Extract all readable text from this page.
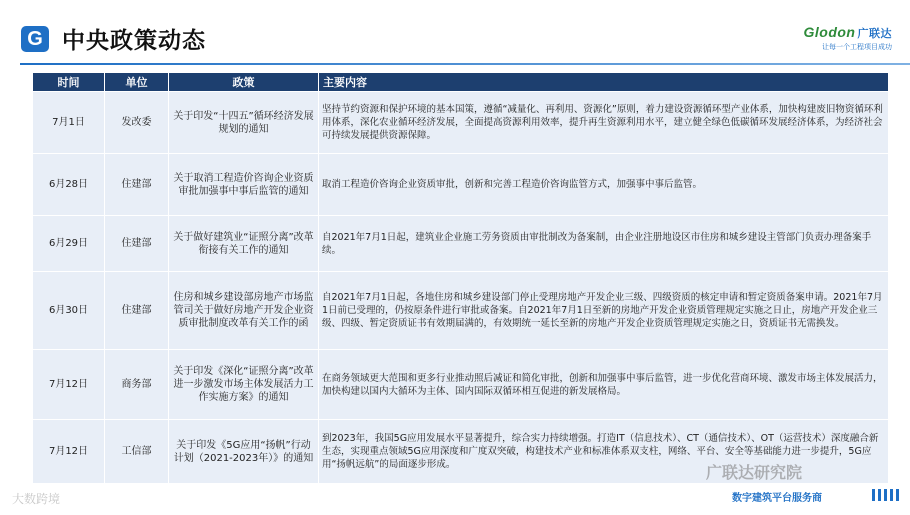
G 中央政策动态	Glodon 广联达
让每一个工程项目成功
时间	单位	政策	主要内容
7月1日	发改委	关于印发“十四五”循环经济发展规划的通知	坚持节约资源和保护环境的基本国策，遵循“减量化、再利用、资源化”原则，着力建设资源循环型产业体系，加快构建废旧物资循环利用体系，深化农业循环经济发展，全面提高资源利用效率，提升再生资源利用水平，建立健全绿色低碳循环发展经济体系，为经济社会可持续发展提供资源保障。
6月28日	住建部	关于取消工程造价咨询企业资质审批加强事中事后监管的通知	取消工程造价咨询企业资质审批，创新和完善工程造价咨询监管方式，加强事中事后监管。
6月29日	住建部	关于做好建筑业“证照分离”改革衔接有关工作的通知	自2021年7月1日起，建筑业企业施工劳务资质由审批制改为备案制，由企业注册地设区市住房和城乡建设主管部门负责办理备案手续。
6月30日	住建部	住房和城乡建设部房地产市场监管司关于做好房地产开发企业资质审批制度改革有关工作的函	自2021年7月1日起，各地住房和城乡建设部门停止受理房地产开发企业三级、四级资质的核定申请和暂定资质备案申请。2021年7月1日前已受理的，仍按原条件进行审批或备案。自2021年7月1日至新的房地产开发企业资质管理规定实施之日止，房地产开发企业三级、四级、暂定资质证书有效期届满的，有效期统一延长至新的房地产开发企业资质管理规定实施之日，资质证书无需换发。
7月12日	商务部	关于印发《深化“证照分离”改革进一步激发市场主体发展活力工作实施方案》的通知	在商务领域更大范围和更多行业推动照后减证和简化审批，创新和加强事中事后监管，进一步优化营商环境、激发市场主体发展活力，加快构建以国内大循环为主体、国内国际双循环相互促进的新发展格局。
7月12日	工信部	关于印发《5G应用“扬帆”行动计划（2021-2023年）》的通知	到2023年，我国5G应用发展水平显著提升，综合实力持续增强。打造IT（信息技术）、CT（通信技术）、OT（运营技术）深度融合新生态，实现重点领域5G应用深度和广度双突破，构建技术产业和标准体系双支柱，网络、平台、安全等基础能力进一步提升，5G应用“扬帆远航”的局面逐步形成。
大数跨境
广联达研究院
数字建筑平台服务商
